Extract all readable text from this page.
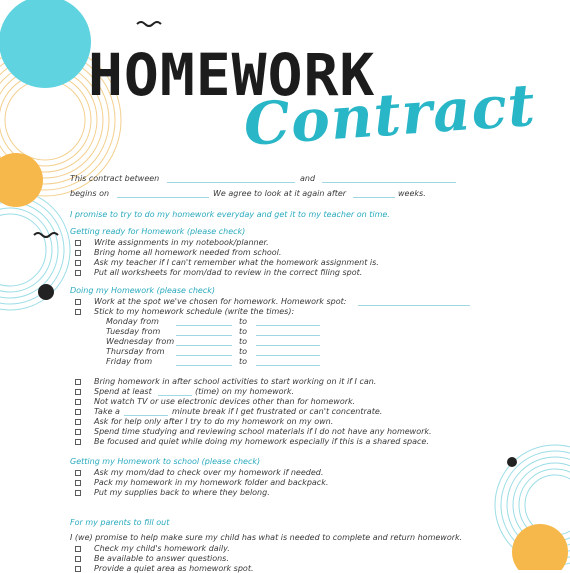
HOMEWORK
Contract
This contract between	and
begins on	We agree to look at it again after	weeks.
I promise to try to do my homework everyday and get it to my teacher on time.
Getting ready for Homework (please check)
Write assignments in my notebook/planner.
Bring home all homework needed from school.
Ask my teacher if I can't remember what the homework assignment is.
Put all worksheets for mom/dad to review in the correct filing spot.
Doing my Homework (please check)
Work at the spot we've chosen for homework. Homework spot:
Stick to my homework schedule (write the times):
Monday from	to
Tuesday from	to
Wednesday from	to
Thursday from	to
Friday from	to
Bring homework in after school activities to start working on it if I can.
Spend at least	(time) on my homework.
Not watch TV or use electronic devices other than for homework.
Take a	minute break if I get frustrated or can't concentrate.
Ask for help only after I try to do my homework on my own.
Spend time studying and reviewing school materials if I do not have any homework.
Be focused and quiet while doing my homework especially if this is a shared space.
Getting my Homework to school (please check)
Ask my mom/dad to check over my homework if needed.
Pack my homework in my homework folder and backpack.
Put my supplies back to where they belong.
For my parents to fill out
I (we) promise to help make sure my child has what is needed to complete and return homework.
Check my child's homework daily.
Be available to answer questions.
Provide a quiet area as homework spot.
